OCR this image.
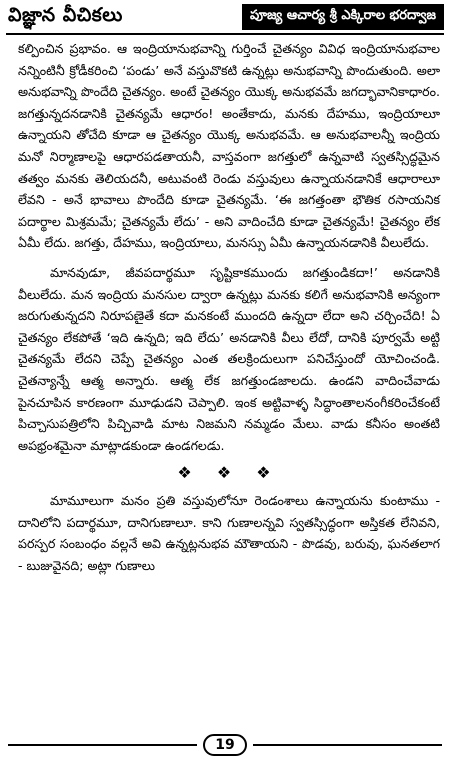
విజ్ఞాన వీచికలు	పూజ్య ఆచార్య శ్రీ ఎక్కిరాల భరద్వాజ

కల్పించిన ప్రభావం. ఆ ఇంద్రియానుభవాన్ని గుర్తించే చైతన్యం వివిధ ఇంద్రియానుభవాల నన్నింటినీ క్రోడీకరించి ‘పండు’ అనే వస్తువొకటి ఉన్నట్లు అనుభవాన్ని పొందుతుంది. అలా అనుభవాన్ని పొందేది చైతన్యం. అంటే చైతన్యం యొక్క అనుభవమే జగద్భావానికాధారం. జగత్తున్నదనడానికి చైతన్యమే ఆధారం! అంతేకాదు, మనకు దేహము, ఇంద్రియాలూ ఉన్నాయని తోచేది కూడా ఆ చైతన్యం యొక్క అనుభవమే. ఆ అనుభవాలన్నీ ఇంద్రియ మనో నిర్మాణాలపై ఆధారపడతాయనీ, వాస్తవంగా జగత్తులో ఉన్నవాటి స్వతస్సిద్ధమైన తత్వం మనకు తెలియదనీ, అటువంటి రెండు వస్తువులు ఉన్నాయనడానికే ఆధారాలూ లేవని - అనే భావాలు పొందేది కూడా చైతన్యమే. ‘ఈ జగత్తంతా భౌతిక రసాయనిక పదార్థాల మిశ్రమమే; చైతన్యమే లేదు’ - అని వాదించేది కూడా చైతన్యమే! చైతన్యం లేక ఏమీ లేదు. జగత్తు, దేహము, ఇంద్రియాలు, మనస్సు ఏమీ ఉన్నాయనడానికి వీలులేదు.

మానవుడూ, జీవపదార్థమూ సృష్టికాకముందు జగత్తుండికదా!’ అనడానికి వీలులేదు. మన ఇంద్రియ మనసుల ద్వారా ఉన్నట్లు మనకు కలిగే అనుభవానికి అన్యంగా జరుగుతున్నదని నిరూపణైతే కదా మనకంటే ముందది ఉన్నదా లేదా అని చర్చించేది! ఏ చైతన్యం లేకపోతే ‘ఇది ఉన్నది; ఇది లేదు’ అనడానికి వీలు లేదో, దానికి పూర్వమే అట్టి చైతన్యమే లేదని చెప్పే చైతన్యం ఎంత తలక్రిందులుగా పనిచేస్తుందో యోచించండి. చైతన్యాన్నే ఆత్మ అన్నారు. ఆత్మ లేక జగత్తుండజాలదు. ఉండని వాదించేవాడు పైనచూపిన కారణంగా మూఢుడని చెప్పాలి. ఇంక అట్టివాళ్ళ సిద్ధాంతాలనంగీకరించేకంటే పిచ్చాసుపత్రిలోని పిచ్చివాడి మాట నిజమని నమ్మడం మేలు. వాడు కనీసం అంతటి అపభ్రంశమైనా మాట్లాడకుండా ఉండగలడు.

❖ ❖ ❖

మామూలుగా మనం ప్రతి వస్తువులోనూ రెండంశాలు ఉన్నాయను కుంటాము - దానిలోని పదార్థమూ, దానిగుణాలూ. కాని గుణాలన్నవి స్వతస్సిద్ధంగా అస్తికత లేనివని, పరస్పర సంబంధం వల్లనే అవి ఉన్నట్లనుభవ మౌతాయని - పొడవు, బరువు, ఘనతలాగ - బుజువైనది; అట్లా గుణాలు

19
